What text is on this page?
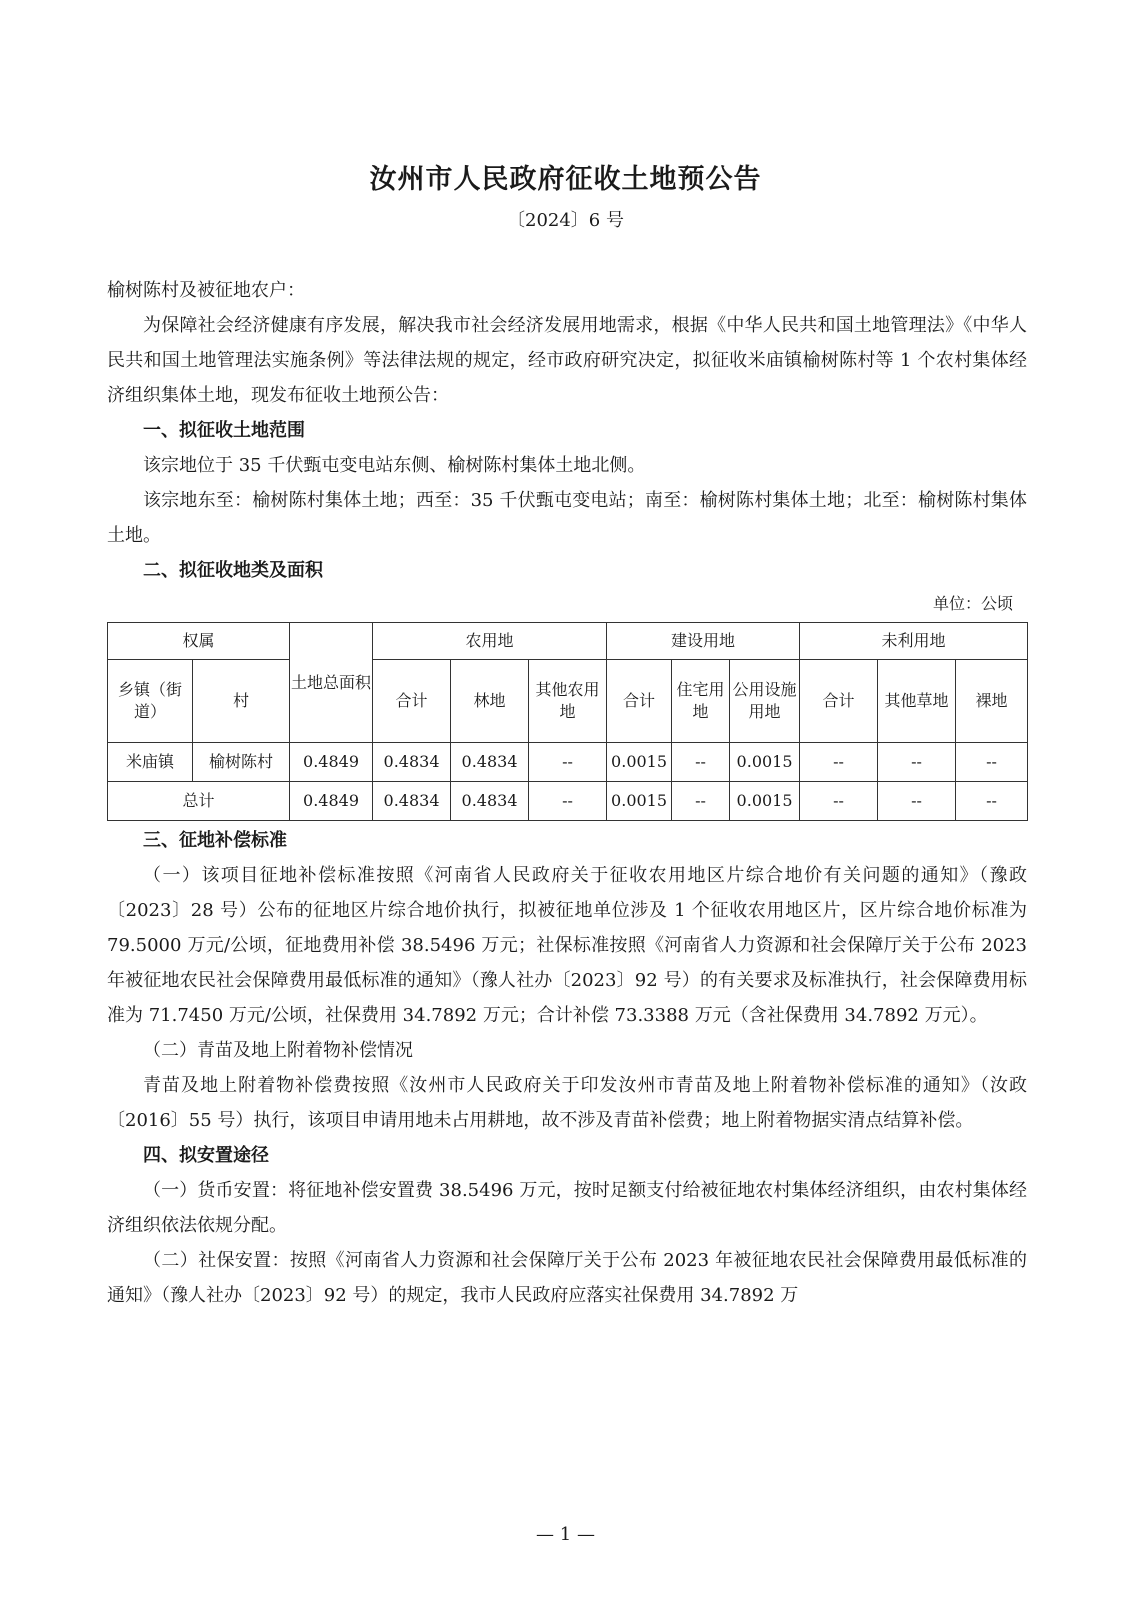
汝州市人民政府征收土地预公告
〔2024〕6 号

榆树陈村及被征地农户：

为保障社会经济健康有序发展，解决我市社会经济发展用地需求，根据《中华人民共和国土地管理法》《中华人民共和国土地管理法实施条例》等法律法规的规定，经市政府研究决定，拟征收米庙镇榆树陈村等 1 个农村集体经济组织集体土地，现发布征收土地预公告：

一、拟征收土地范围

该宗地位于 35 千伏甄屯变电站东侧、榆树陈村集体土地北侧。

该宗地东至：榆树陈村集体土地；西至：35 千伏甄屯变电站；南至：榆树陈村集体土地；北至：榆树陈村集体土地。

二、拟征收地类及面积

单位：公顷

权属		土地总面积	农用地			建设用地			未利用地		
乡镇（街道）	村		合计	林地	其他农用地	合计	住宅用地	公用设施用地	合计	其他草地	裸地
米庙镇	榆树陈村	0.4849	0.4834	0.4834	--	0.0015	--	0.0015	--	--	--
总计		0.4849	0.4834	0.4834	--	0.0015	--	0.0015	--	--	--

三、征地补偿标准

（一）该项目征地补偿标准按照《河南省人民政府关于征收农用地区片综合地价有关问题的通知》（豫政〔2023〕28 号）公布的征地区片综合地价执行，拟被征地单位涉及 1 个征收农用地区片，区片综合地价标准为 79.5000 万元/公顷，征地费用补偿 38.5496 万元；社保标准按照《河南省人力资源和社会保障厅关于公布 2023 年被征地农民社会保障费用最低标准的通知》（豫人社办〔2023〕92 号）的有关要求及标准执行，社会保障费用标准为 71.7450 万元/公顷，社保费用 34.7892 万元；合计补偿 73.3388 万元（含社保费用 34.7892 万元）。

（二）青苗及地上附着物补偿情况

青苗及地上附着物补偿费按照《汝州市人民政府关于印发汝州市青苗及地上附着物补偿标准的通知》（汝政〔2016〕55 号）执行，该项目申请用地未占用耕地，故不涉及青苗补偿费；地上附着物据实清点结算补偿。

四、拟安置途径

（一）货币安置：将征地补偿安置费 38.5496 万元，按时足额支付给被征地农村集体经济组织，由农村集体经济组织依法依规分配。

（二）社保安置：按照《河南省人力资源和社会保障厅关于公布 2023 年被征地农民社会保障费用最低标准的通知》（豫人社办〔2023〕92 号）的规定，我市人民政府应落实社保费用 34.7892 万

— 1 —
